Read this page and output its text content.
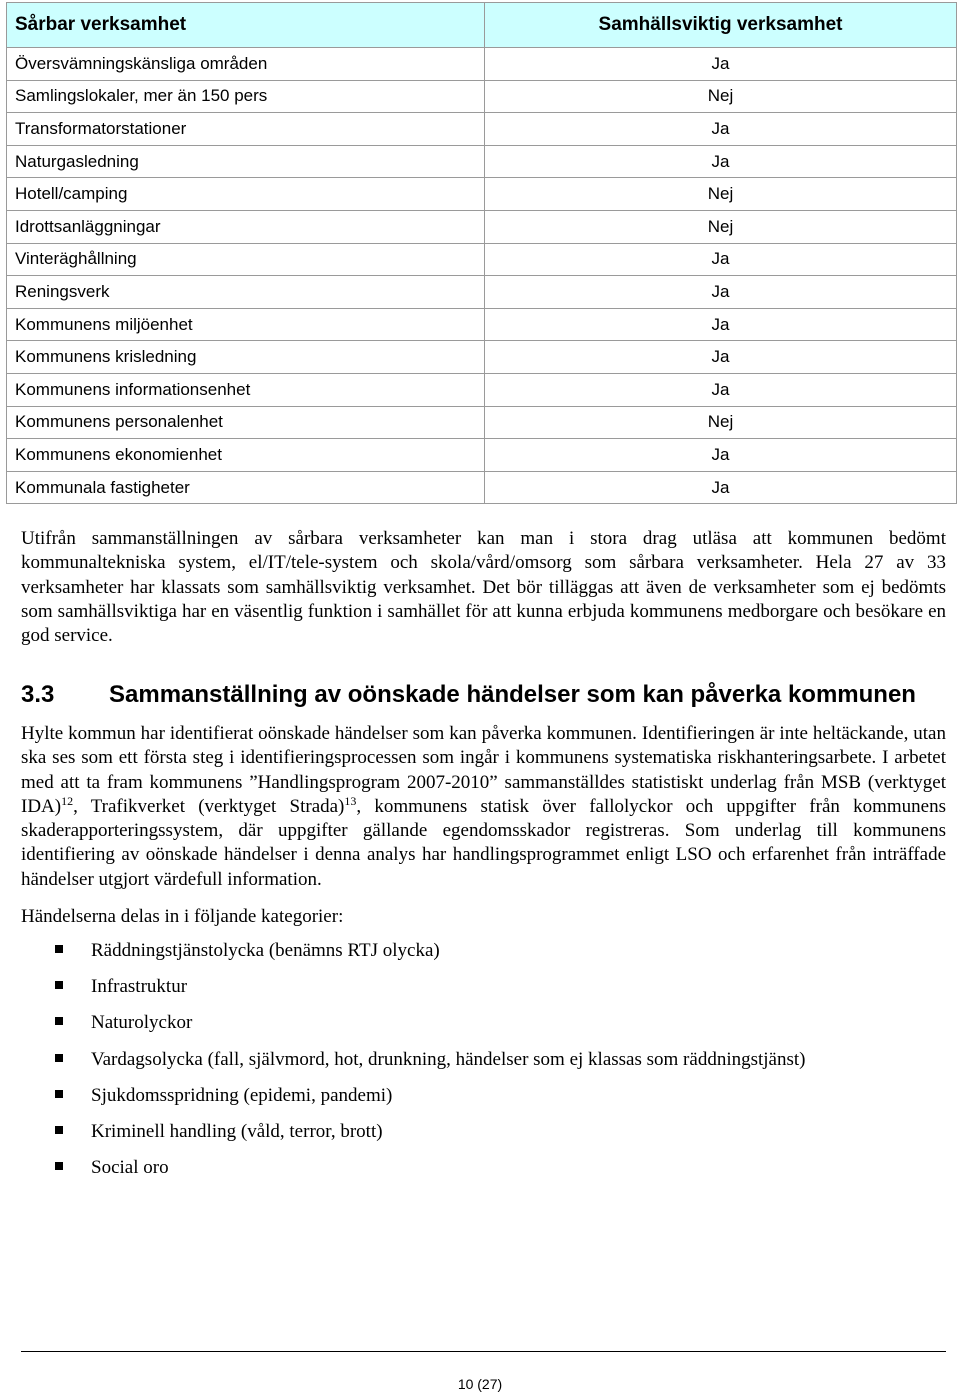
Sårbar verksamhet	Samhällsviktig verksamhet
Översvämningskänsliga områden	Ja
Samlingslokaler, mer än 150 pers	Nej
Transformatorstationer	Ja
Naturgasledning	Ja
Hotell/camping	Nej
Idrottsanläggningar	Nej
Vinteräghållning	Ja
Reningsverk	Ja
Kommunens miljöenhet	Ja
Kommunens krisledning	Ja
Kommunens informationsenhet	Ja
Kommunens personalenhet	Nej
Kommunens ekonomienhet	Ja
Kommunala fastigheter	Ja

Utifrån sammanställningen av sårbara verksamheter kan man i stora drag utläsa att kommunen bedömt kommunaltekniska system, el/IT/tele-system och skola/vård/omsorg som sårbara verksamheter. Hela 27 av 33 verksamheter har klassats som samhällsviktig verksamhet. Det bör tilläggas att även de verksamheter som ej bedömts som samhällsviktiga har en väsentlig funktion i samhället för att kunna erbjuda kommunens medborgare och besökare en god service.

3.3 Sammanställning av oönskade händelser som kan påverka kommunen

Hylte kommun har identifierat oönskade händelser som kan påverka kommunen. Identifieringen är inte heltäckande, utan ska ses som ett första steg i identifieringsprocessen som ingår i kommunens systematiska riskhanteringsarbete. I arbetet med att ta fram kommunens ”Handlingsprogram 2007-2010” sammanställdes statistiskt underlag från MSB (verktyget IDA)$^{12}$, Trafikverket (verktyget Strada)$^{13}$, kommunens statisk över fallolyckor och uppgifter från kommunens skaderapporteringssystem, där uppgifter gällande egendomsskador registreras. Som underlag till kommunens identifiering av oönskade händelser i denna analys har handlingsprogrammet enligt LSO och erfarenhet från inträffade händelser utgjort värdefull information.

Händelserna delas in i följande kategorier:

Räddningstjänstolycka (benämns RTJ olycka)
Infrastruktur
Naturolyckor
Vardagsolycka (fall, självmord, hot, drunkning, händelser som ej klassas som räddningstjänst)
Sjukdomsspridning (epidemi, pandemi)
Kriminell handling (våld, terror, brott)
Social oro
10 (27)
